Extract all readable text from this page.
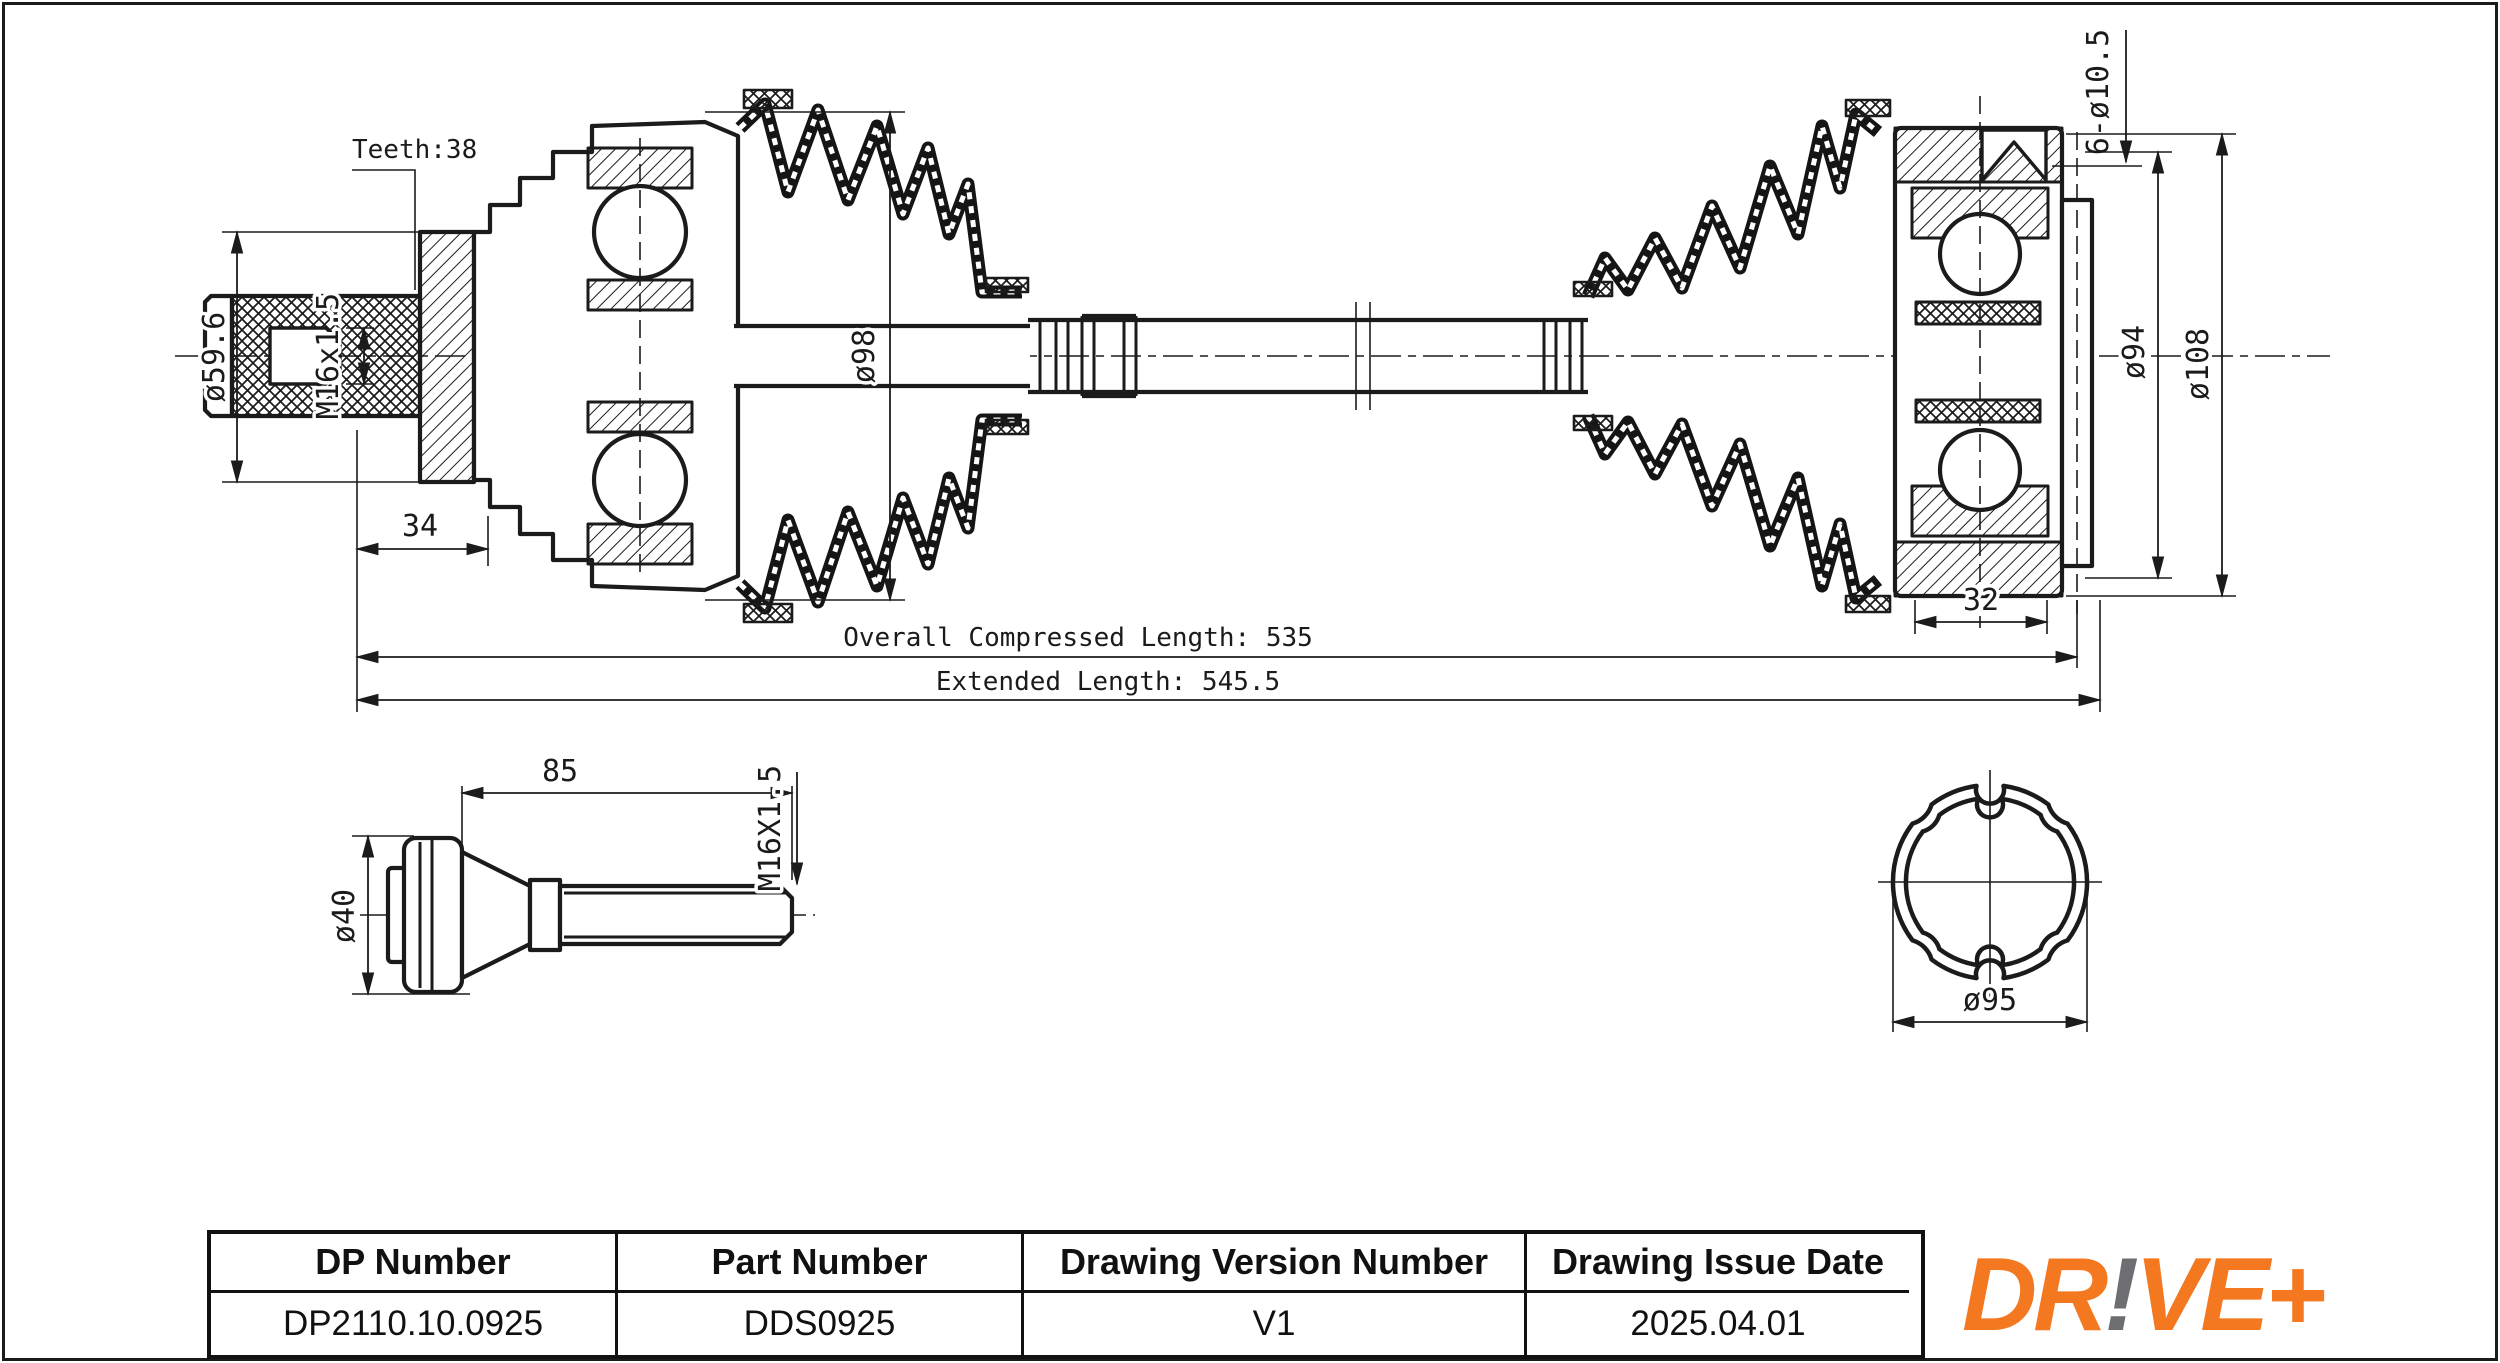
Teeth:38
ø59.6	M16x1.5
34
ø98
6-ø10.5
ø94 ø108
32
Overall Compressed Length: 535
Extended Length: 545.5
85	M16X1.5
ø40
ø95
DP Number	Part Number	Drawing Version Number	Drawing Issue Date
DP2110.10.0925	DDS0925	V1	2025.04.01	DR!VE+
